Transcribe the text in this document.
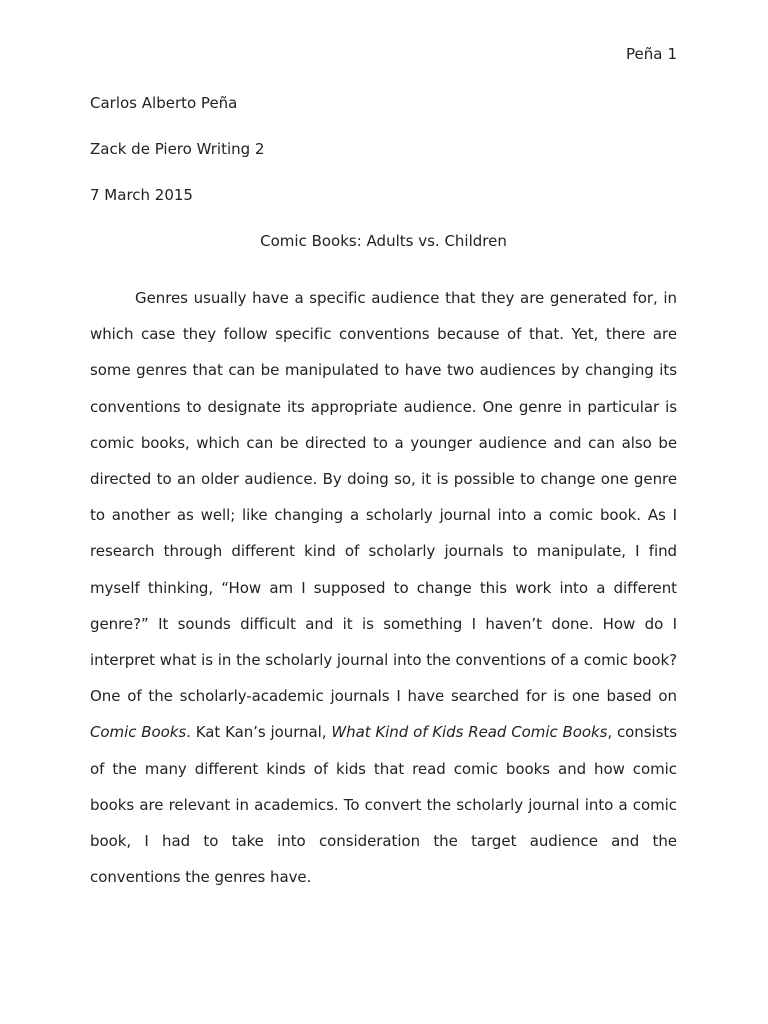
Peña 1
Carlos Alberto Peña
Zack de Piero Writing 2
7 March 2015
Comic Books: Adults vs. Children

Genres usually have a specific audience that they are generated for, in which case they follow specific conventions because of that. Yet, there are some genres that can be manipulated to have two audiences by changing its conventions to designate its appropriate audience. One genre in particular is comic books, which can be directed to a younger audience and can also be directed to an older audience. By doing so, it is possible to change one genre to another as well; like changing a scholarly journal into a comic book. As I research through different kind of scholarly journals to manipulate, I find myself thinking, “How am I supposed to change this work into a different genre?” It sounds difficult and it is something I haven’t done. How do I interpret what is in the scholarly journal into the conventions of a comic book? One of the scholarly-academic journals I have searched for is one based on Comic Books. Kat Kan’s journal, What Kind of Kids Read Comic Books, consists of the many different kinds of kids that read comic books and how comic books are relevant in academics. To convert the scholarly journal into a comic book, I had to take into consideration the target audience and the conventions the genres have.
